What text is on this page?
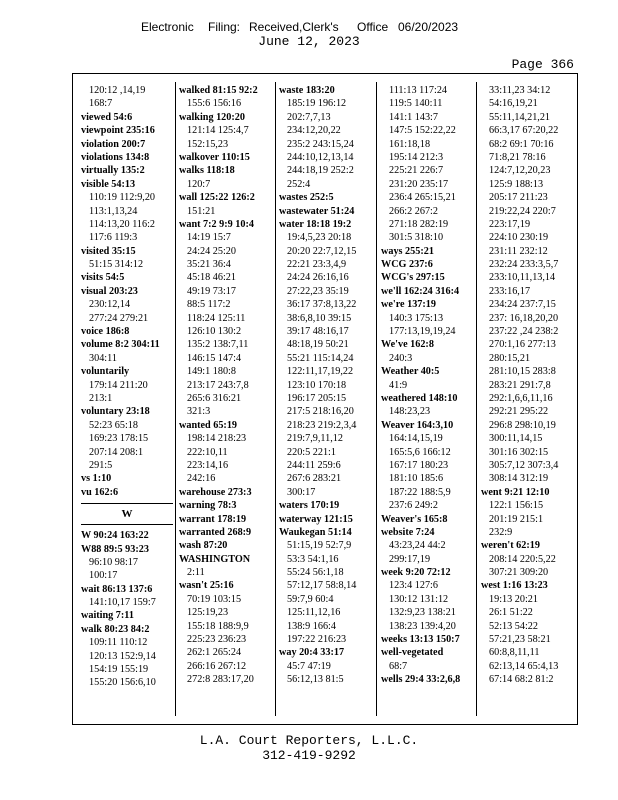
Electronic Filing: Received,Clerk's Office 06/20/2023
June 12, 2023
Page 366
120:12 ,14,19
168:7
viewed 54:6
viewpoint 235:16
violation 200:7
violations 134:8
virtually 135:2
visible 54:13
110:19 112:9,20
113:1,13,24
114:13,20 116:2
117:6 119:3
visited 35:15
51:15 314:12
visits 54:5
visual 203:23
230:12,14
277:24 279:21
voice 186:8
volume 8:2 304:11
304:11
voluntarily
179:14 211:20
213:1
voluntary 23:18
52:23 65:18
169:23 178:15
207:14 208:1
291:5
vs 1:10
vu 162:6
W
W 90:24 163:22
W88 89:5 93:23
96:10 98:17
100:17
wait 86:13 137:6
141:10,17 159:7
waiting 7:11
walk 80:23 84:2
109:11 110:12
120:13 152:9,14
154:19 155:19
155:20 156:6,10
walked 81:15 92:2
155:6 156:16
walking 120:20
121:14 125:4,7
152:15,23
walkover 110:15
walks 118:18
120:7
wall 125:22 126:2
151:21
want 7:2 9:9 10:4
14:19 15:7
24:24 25:20
35:21 36:4
45:18 46:21
49:19 73:17
88:5 117:2
118:24 125:11
126:10 130:2
135:2 138:7,11
146:15 147:4
149:1 180:8
213:17 243:7,8
265:6 316:21
321:3
wanted 65:19
198:14 218:23
222:10,11
223:14,16
242:16
warehouse 273:3
warning 78:3
warrant 178:19
warranted 268:9
wash 87:20
WASHINGTON
2:11
wasn't 25:16
70:19 103:15
125:19,23
155:18 188:9,9
225:23 236:23
262:1 265:24
266:16 267:12
272:8 283:17,20
waste 183:20
185:19 196:12
202:7,7,13
234:12,20,22
235:2 243:15,24
244:10,12,13,14
244:18,19 252:2
252:4
wastes 252:5
wastewater 51:24
water 18:18 19:2
19:4,5,23 20:18
20:20 22:7,12,15
22:21 23:3,4,9
24:24 26:16,16
27:22,23 35:19
36:17 37:8,13,22
38:6,8,10 39:15
39:17 48:16,17
48:18,19 50:21
55:21 115:14,24
122:11,17,19,22
123:10 170:18
196:17 205:15
217:5 218:16,20
218:23 219:2,3,4
219:7,9,11,12
220:5 221:1
244:11 259:6
267:6 283:21
300:17
waters 170:19
waterway 121:15
Waukegan 51:14
51:15,19 52:7,9
53:3 54:1,16
55:24 56:1,18
57:12,17 58:8,14
59:7,9 60:4
125:11,12,16
138:9 166:4
197:22 216:23
way 20:4 33:17
45:7 47:19
56:12,13 81:5
111:13 117:24
119:5 140:11
141:1 143:7
147:5 152:22,22
161:18,18
195:14 212:3
225:21 226:7
231:20 235:17
236:4 265:15,21
266:2 267:2
271:18 282:19
301:5 318:10
ways 255:21
WCG 237:6
WCG's 297:15
we'll 162:24 316:4
we're 137:19
140:3 175:13
177:13,19,19,24
We've 162:8
240:3
Weather 40:5
41:9
weathered 148:10
148:23,23
Weaver 164:3,10
164:14,15,19
165:5,6 166:12
167:17 180:23
181:10 185:6
187:22 188:5,9
237:6 249:2
Weaver's 165:8
website 7:24
43:23,24 44:2
299:17,19
week 9:20 72:12
123:4 127:6
130:12 131:12
132:9,23 138:21
138:23 139:4,20
weeks 13:13 150:7
well-vegetated
68:7
wells 29:4 33:2,6,8
33:11,23 34:12
54:16,19,21
55:11,14,21,21
66:3,17 67:20,22
68:2 69:1 70:16
71:8,21 78:16
124:7,12,20,23
125:9 188:13
205:17 211:23
219:22,24 220:7
223:17,19
224:10 230:19
231:11 232:12
232:24 233:3,5,7
233:10,11,13,14
233:16,17
234:24 237:7,15
237: 16,18,20,20
237:22 ,24 238:2
270:1,16 277:13
280:15,21
281:10,15 283:8
283:21 291:7,8
292:1,6,6,11,16
292:21 295:22
296:8 298:10,19
300:11,14,15
301:16 302:15
305:7,12 307:3,4
308:14 312:19
went 9:21 12:10
122:1 156:15
201:19 215:1
232:9
weren't 62:19
208:14 220:5,22
307:21 309:20
west 1:16 13:23
19:13 20:21
26:1 51:22
52:13 54:22
57:21,23 58:21
60:8,8,11,11
62:13,14 65:4,13
67:14 68:2 81:2
L.A. Court Reporters, L.L.C.
312-419-9292
